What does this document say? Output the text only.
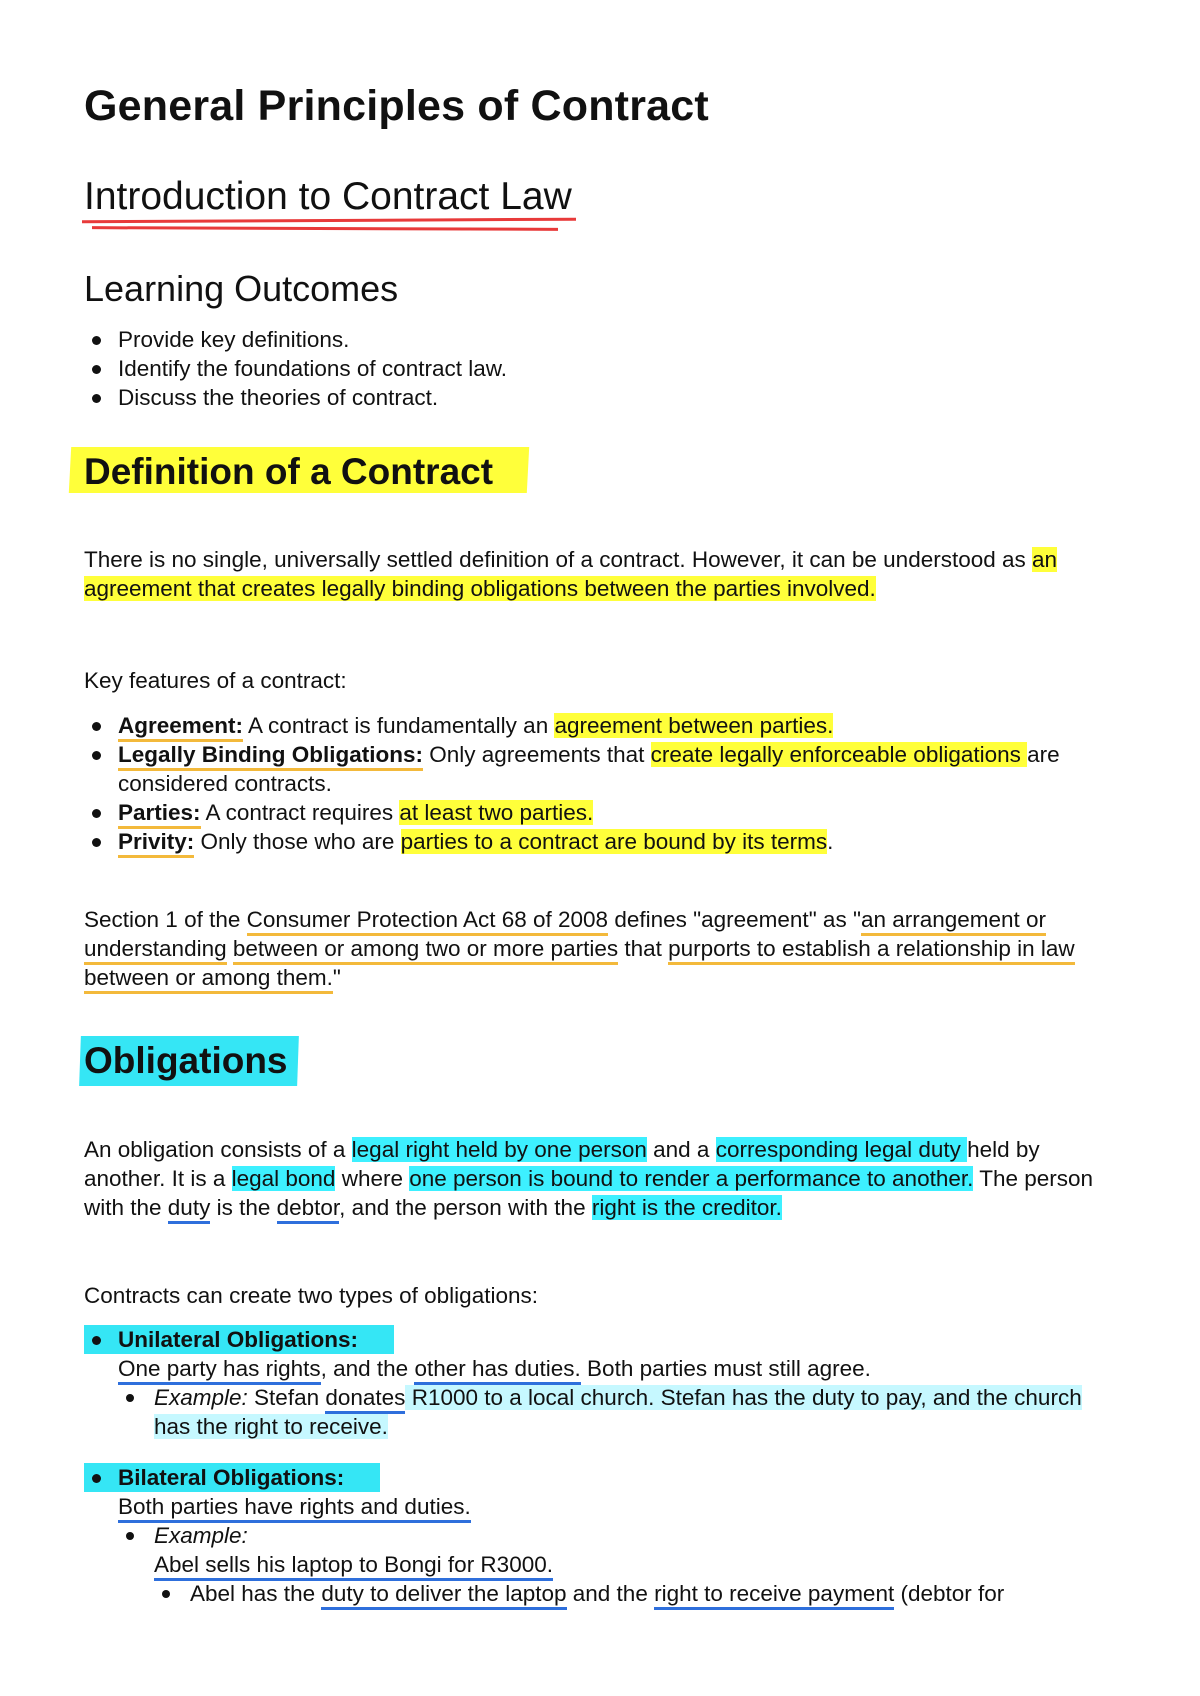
General Principles of Contract
Introduction to Contract Law
Learning Outcomes
Provide key definitions.
Identify the foundations of contract law.
Discuss the theories of contract.
Definition of a Contract

There is no single, universally settled definition of a contract. However, it can be understood as an agreement that creates legally binding obligations between the parties involved.

Key features of a contract:

Agreement: A contract is fundamentally an agreement between parties.
Legally Binding Obligations: Only agreements that create legally enforceable obligations are considered contracts.
Parties: A contract requires at least two parties.
Privity: Only those who are parties to a contract are bound by its terms.

Section 1 of the Consumer Protection Act 68 of 2008 defines "agreement" as "an arrangement or understanding between or among two or more parties that purports to establish a relationship in law between or among them."

Obligations

An obligation consists of a legal right held by one person and a corresponding legal duty held by another. It is a legal bond where one person is bound to render a performance to another. The person with the duty is the debtor, and the person with the right is the creditor.

Contracts can create two types of obligations:

Unilateral Obligations:
One party has rights, and the other has duties. Both parties must still agree.
Example: Stefan donates R1000 to a local church. Stefan has the duty to pay, and the church has the right to receive.
Bilateral Obligations:
Both parties have rights and duties.
Example:
Abel sells his laptop to Bongi for R3000.
Abel has the duty to deliver the laptop and the right to receive payment (debtor for
